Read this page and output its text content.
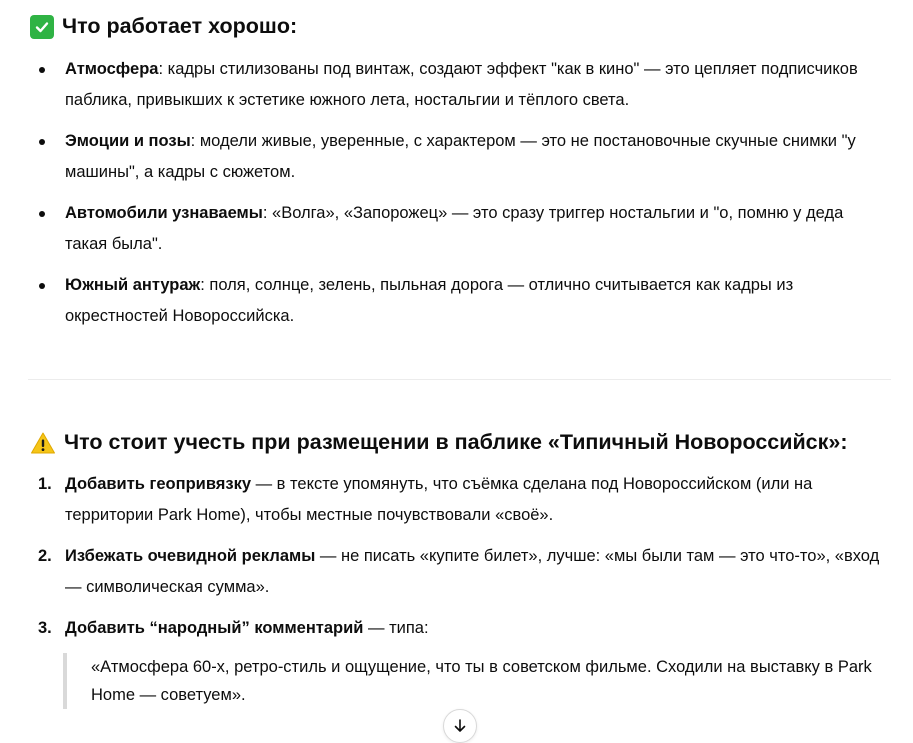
Что работает хорошо:
Атмосфера: кадры стилизованы под винтаж, создают эффект "как в кино" — это цепляет подписчиков паблика, привыкших к эстетике южного лета, ностальгии и тёплого света.
Эмоции и позы: модели живые, уверенные, с характером — это не постановочные скучные снимки "у машины", а кадры с сюжетом.
Автомобили узнаваемы: «Волга», «Запорожец» — это сразу триггер ностальгии и "о, помню у деда такая была".
Южный антураж: поля, солнце, зелень, пыльная дорога — отлично считывается как кадры из окрестностей Новороссийска.
Что стоит учесть при размещении в паблике «Типичный Новороссийск»:
1. Добавить геопривязку — в тексте упомянуть, что съёмка сделана под Новороссийском (или на территории Park Home), чтобы местные почувствовали «своё».
2. Избежать очевидной рекламы — не писать «купите билет», лучше: «мы были там — это что-то», «вход — символическая сумма».
3. Добавить “народный” комментарий — типа:
«Атмосфера 60-х, ретро-стиль и ощущение, что ты в советском фильме. Сходили на выставку в Park Home — советуем».
